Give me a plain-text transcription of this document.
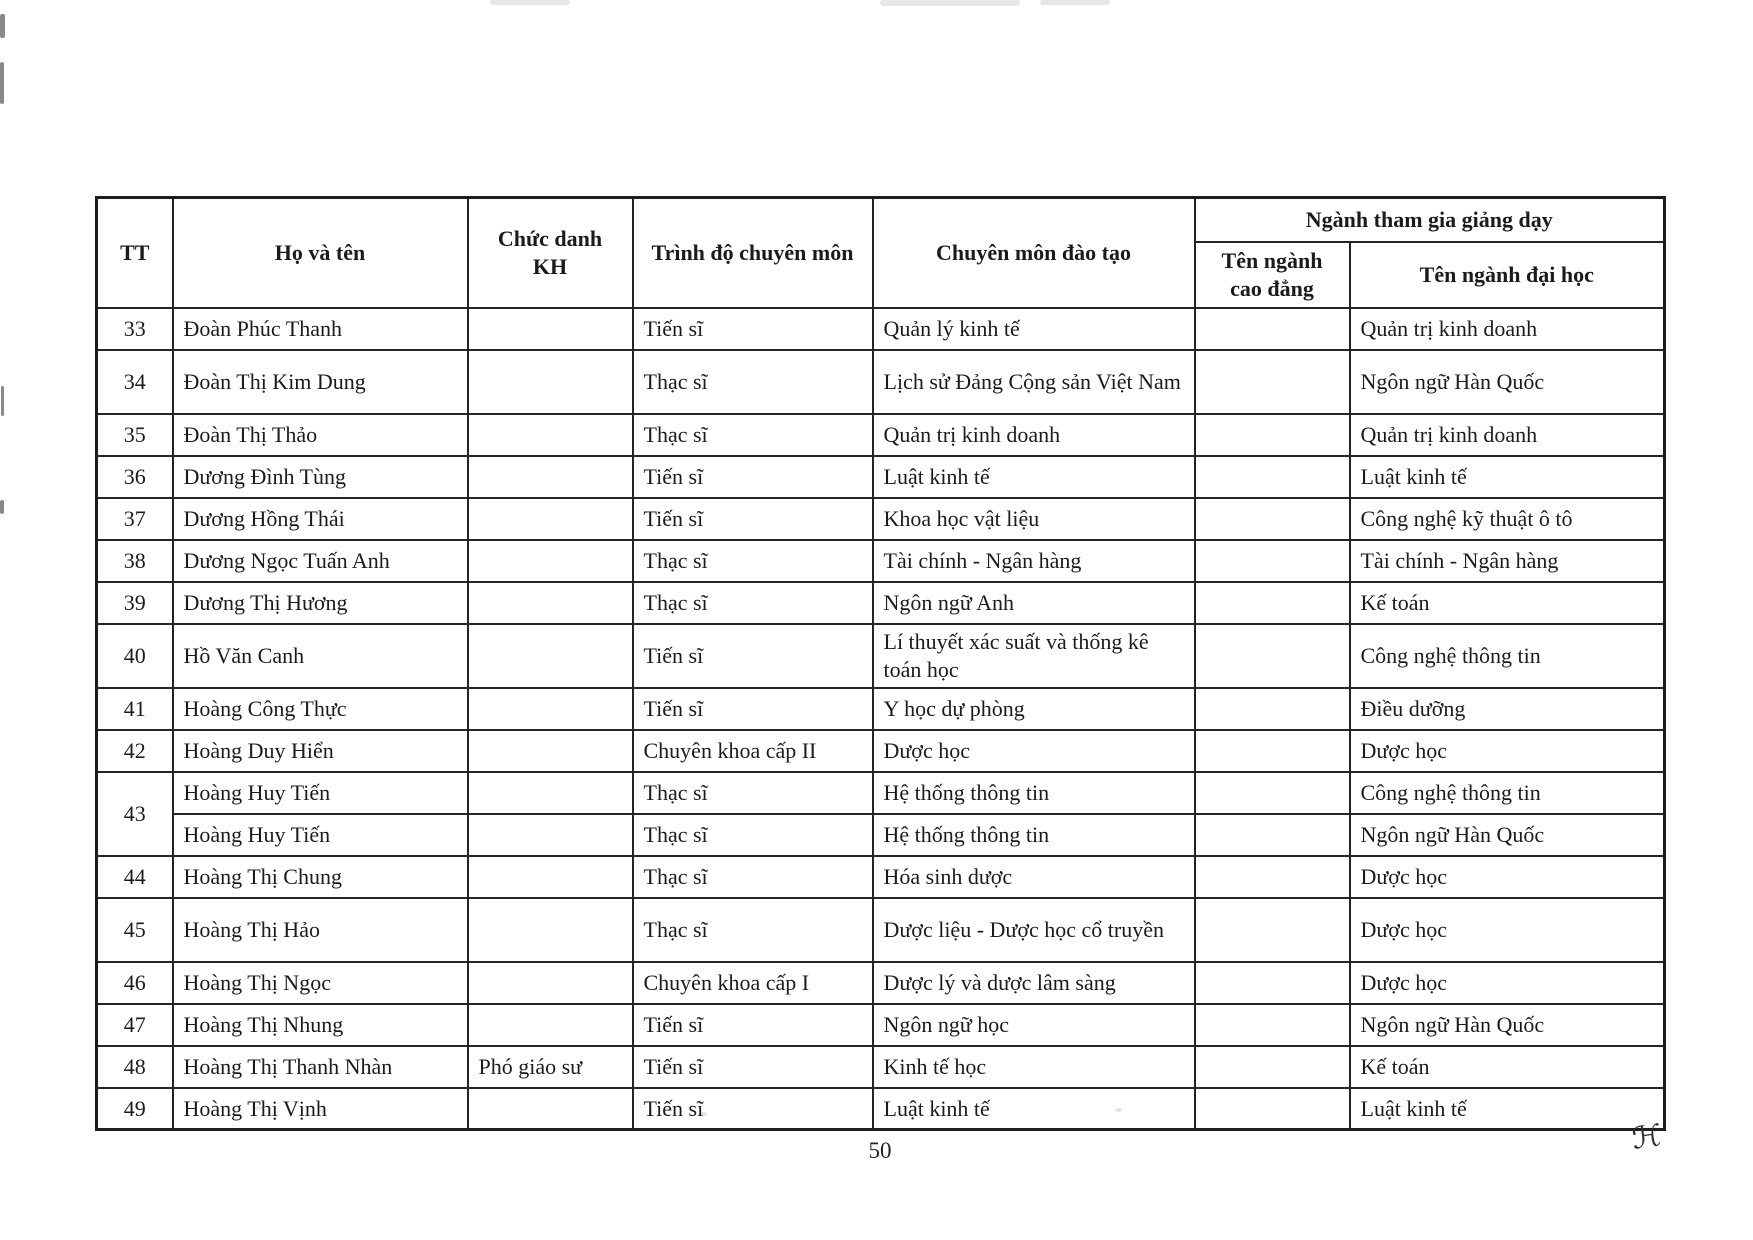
TT	Họ và tên	Chức danh KH	Trình độ chuyên môn	Chuyên môn đào tạo	Ngành tham gia giảng dạy	
					Tên ngành cao đẳng	Tên ngành đại học
33	Đoàn Phúc Thanh		Tiến sĩ	Quản lý kinh tế		Quản trị kinh doanh
34	Đoàn Thị Kim Dung		Thạc sĩ	Lịch sử Đảng Cộng sản Việt Nam		Ngôn ngữ Hàn Quốc
35	Đoàn Thị Thảo		Thạc sĩ	Quản trị kinh doanh		Quản trị kinh doanh
36	Dương Đình Tùng		Tiến sĩ	Luật kinh tế		Luật kinh tế
37	Dương Hồng Thái		Tiến sĩ	Khoa học vật liệu		Công nghệ kỹ thuật ô tô
38	Dương Ngọc Tuấn Anh		Thạc sĩ	Tài chính - Ngân hàng		Tài chính - Ngân hàng
39	Dương Thị Hương		Thạc sĩ	Ngôn ngữ Anh		Kế toán
40	Hồ Văn Canh		Tiến sĩ	Lí thuyết xác suất và thống kê toán học		Công nghệ thông tin
41	Hoàng Công Thực		Tiến sĩ	Y học dự phòng		Điều dưỡng
42	Hoàng Duy Hiển		Chuyên khoa cấp II	Dược học		Dược học
43	Hoàng Huy Tiến		Thạc sĩ	Hệ thống thông tin		Công nghệ thông tin
	Hoàng Huy Tiến		Thạc sĩ	Hệ thống thông tin		Ngôn ngữ Hàn Quốc
44	Hoàng Thị Chung		Thạc sĩ	Hóa sinh dược		Dược học
45	Hoàng Thị Hảo		Thạc sĩ	Dược liệu - Dược học cổ truyền		Dược học
46	Hoàng Thị Ngọc		Chuyên khoa cấp I	Dược lý và dược lâm sàng		Dược học
47	Hoàng Thị Nhung		Tiến sĩ	Ngôn ngữ học		Ngôn ngữ Hàn Quốc
48	Hoàng Thị Thanh Nhàn	Phó giáo sư	Tiến sĩ	Kinh tế học		Kế toán
49	Hoàng Thị Vịnh		Tiến sĩ	Luật kinh tế		Luật kinh tế
50	ℋ
